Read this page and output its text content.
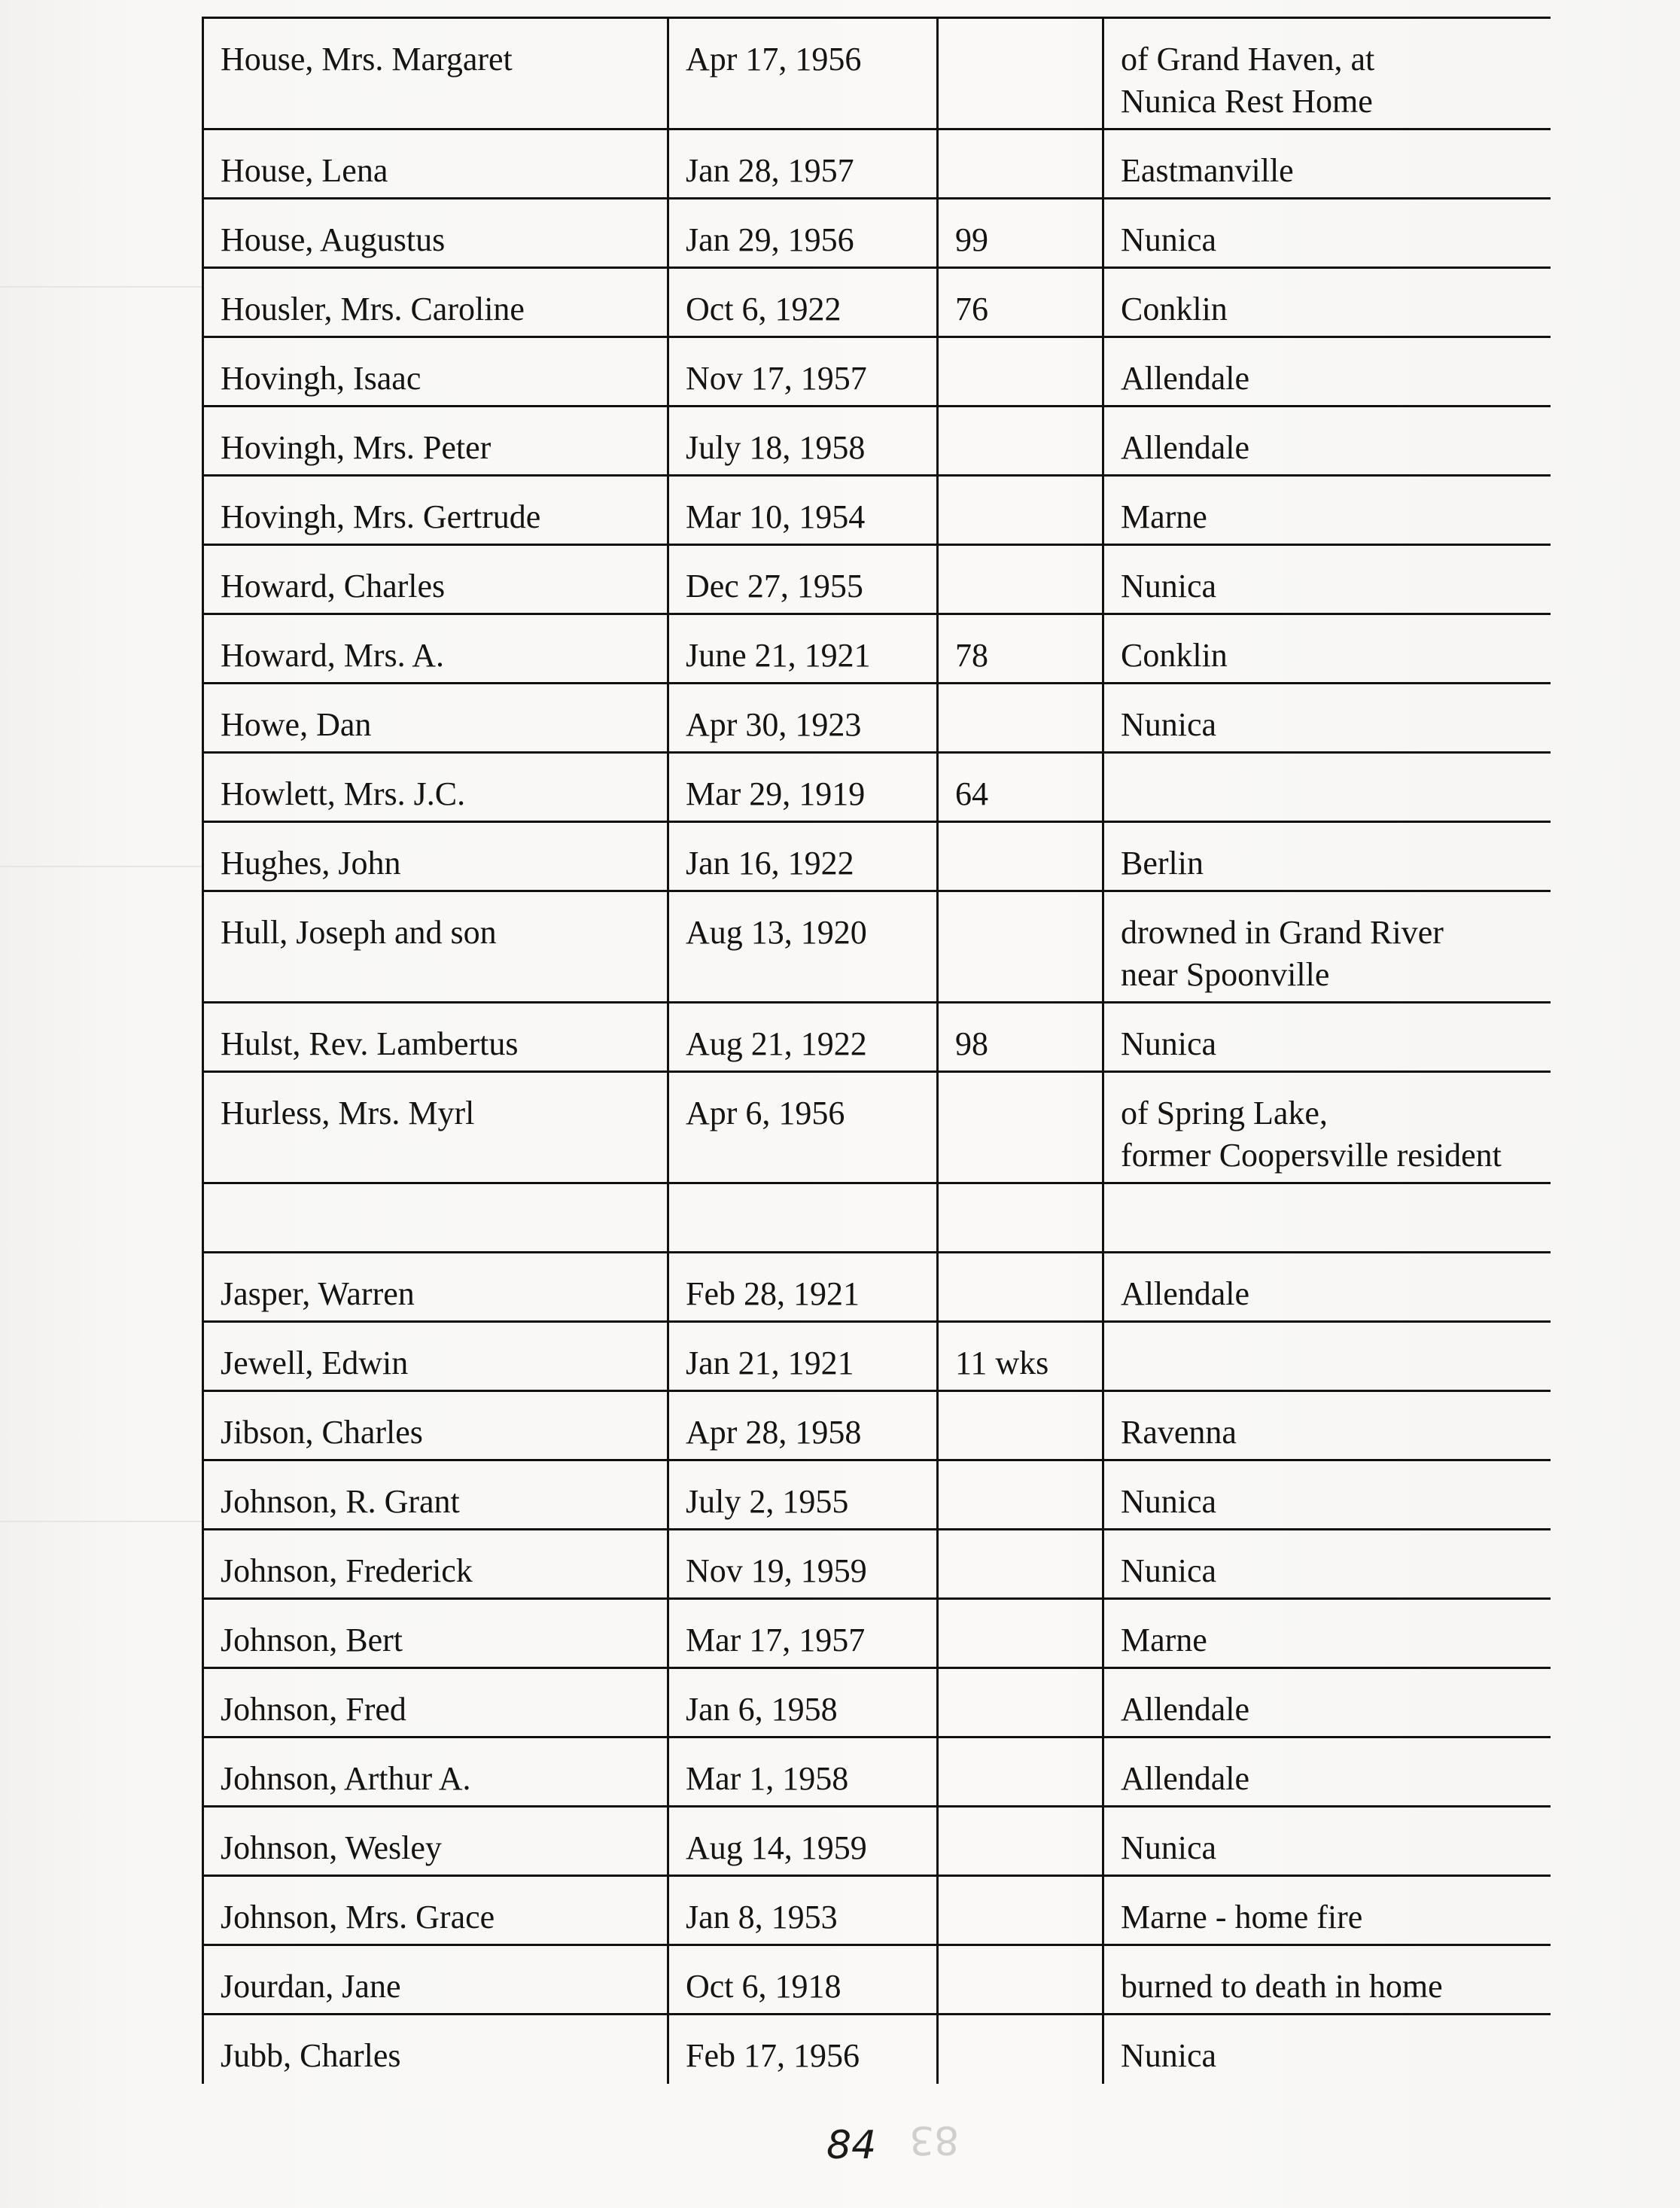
House, Mrs. Margaret	Apr 17, 1956		of Grand Haven, at
Nunica Rest Home
House, Lena	Jan 28, 1957		Eastmanville
House, Augustus	Jan 29, 1956	99	Nunica
Housler, Mrs. Caroline	Oct 6, 1922	76	Conklin
Hovingh, Isaac	Nov 17, 1957		Allendale
Hovingh, Mrs. Peter	July 18, 1958		Allendale
Hovingh, Mrs. Gertrude	Mar 10, 1954		Marne
Howard, Charles	Dec 27, 1955		Nunica
Howard, Mrs. A.	June 21, 1921	78	Conklin
Howe, Dan	Apr 30, 1923		Nunica
Howlett, Mrs. J.C.	Mar 29, 1919	64	
Hughes, John	Jan 16, 1922		Berlin
Hull, Joseph and son	Aug 13, 1920		drowned in Grand River
near Spoonville
Hulst, Rev. Lambertus	Aug 21, 1922	98	Nunica
Hurless, Mrs. Myrl	Apr 6, 1956		of Spring Lake,
former Coopersville resident

Jasper, Warren	Feb 28, 1921		Allendale
Jewell, Edwin	Jan 21, 1921	11 wks	
Jibson, Charles	Apr 28, 1958		Ravenna
Johnson, R. Grant	July 2, 1955		Nunica
Johnson, Frederick	Nov 19, 1959		Nunica
Johnson, Bert	Mar 17, 1957		Marne
Johnson, Fred	Jan 6, 1958		Allendale
Johnson, Arthur A.	Mar 1, 1958		Allendale
Johnson, Wesley	Aug 14, 1959		Nunica
Johnson, Mrs. Grace	Jan 8, 1953		Marne - home fire
Jourdan, Jane	Oct 6, 1918		burned to death in home
Jubb, Charles	Feb 17, 1956		Nunica
83
84
